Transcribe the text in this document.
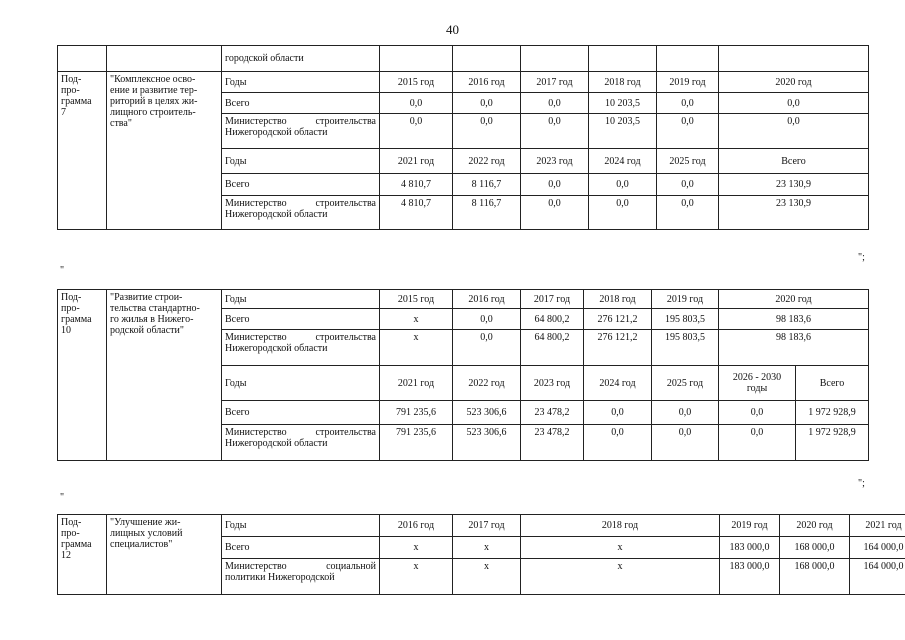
40
		городской области						
Под-
про-
грамма
7	"Комплексное осво-
ение и развитие тер-
риторий в целях жи-
лищного строитель-
ства"	Годы	2015 год	2016 год	2017 год	2018 год	2019 год	2020 год
		Всего	0,0	0,0	0,0	10 203,5	0,0	0,0
		Министерство строительства Нижегородской области	0,0	0,0	0,0	10 203,5	0,0	0,0
		Годы	2021 год	2022 год	2023 год	2024 год	2025 год	Всего
		Всего	4 810,7	8 116,7	0,0	0,0	0,0	23 130,9
		Министерство строительства Нижегородской области	4 810,7	8 116,7	0,0	0,0	0,0	23 130,9
";
"
Под-
про-
грамма
10	"Развитие строи-
тельства стандартно-
го жилья в Нижего-
родской области"	Годы	2015 год	2016 год	2017 год	2018 год	2019 год	2020 год	
		Всего	x	0,0	64 800,2	276 121,2	195 803,5	98 183,6	
		Министерство строительства Нижегородской области	x	0,0	64 800,2	276 121,2	195 803,5	98 183,6	
		Годы	2021 год	2022 год	2023 год	2024 год	2025 год	2026 - 2030 годы	Всего
		Всего	791 235,6	523 306,6	23 478,2	0,0	0,0	0,0	1 972 928,9
		Министерство строительства Нижегородской области	791 235,6	523 306,6	23 478,2	0,0	0,0	0,0	1 972 928,9
";
"
Под-
про-
грамма
12	"Улучшение жи-
лищных условий
специалистов"	Годы	2016 год	2017 год	2018 год	2019 год	2020 год	2021 год
		Всего	x	x	x	183 000,0	168 000,0	164 000,0
		Министерство социальной политики Нижегородской	x	x	x	183 000,0	168 000,0	164 000,0
